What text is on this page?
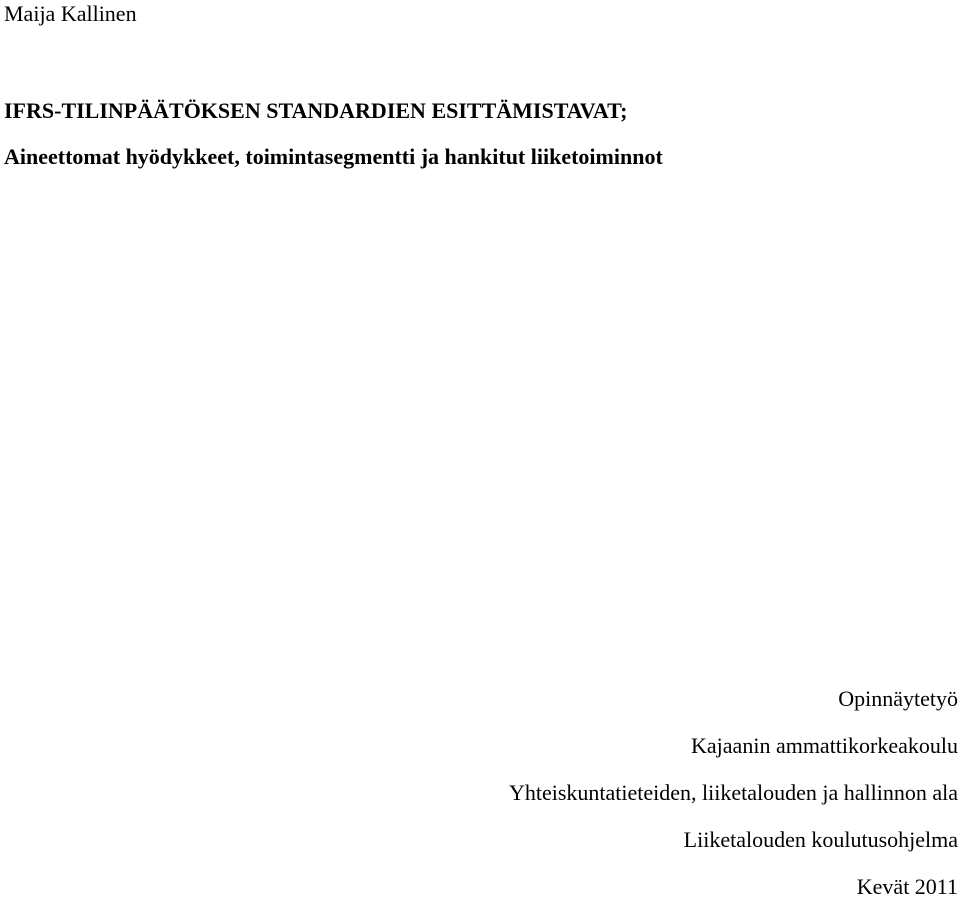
Maija Kallinen
IFRS-TILINPÄÄTÖKSEN STANDARDIEN ESITTÄMISTAVAT;
Aineettomat hyödykkeet, toimintasegmentti ja hankitut liiketoiminnot
Opinnäytetyö
Kajaanin ammattikorkeakoulu
Yhteiskuntatieteiden, liiketalouden ja hallinnon ala
Liiketalouden koulutusohjelma
Kevät 2011
